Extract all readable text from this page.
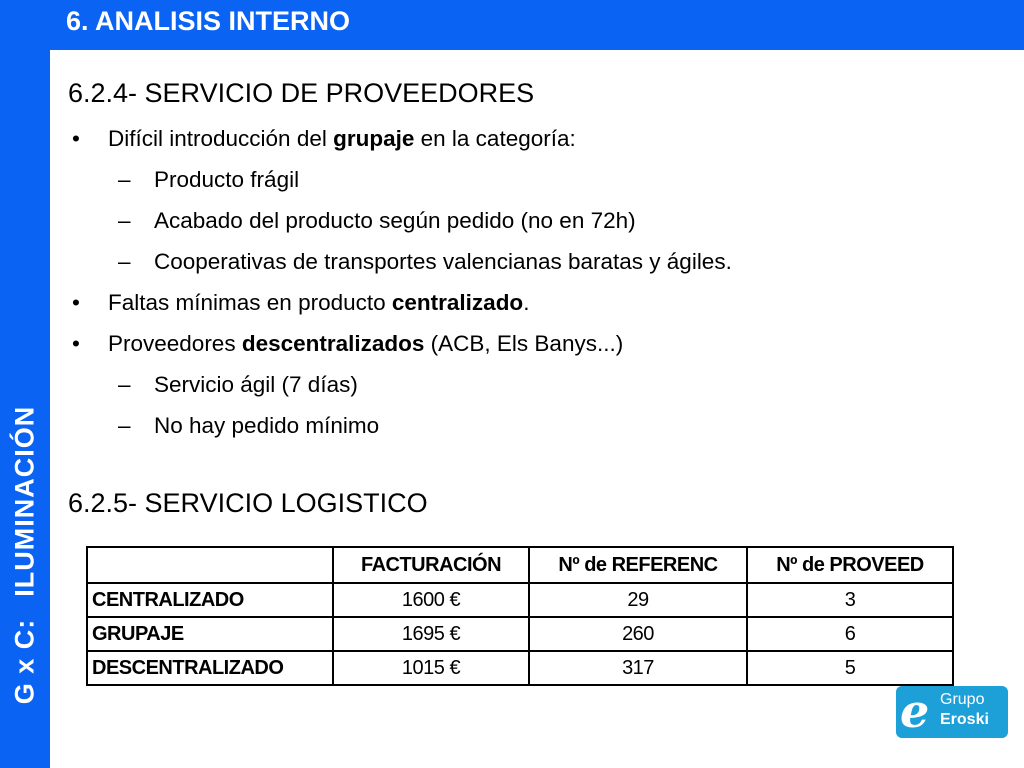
6. ANALISIS INTERNO
G x C:ILUMINACIÓN
6.2.4- SERVICIO DE PROVEEDORES
• Difícil introducción del grupaje en la categoría:
– Producto frágil
– Acabado del producto según pedido (no en 72h)
– Cooperativas de transportes valencianas baratas y ágiles.
• Faltas mínimas en producto centralizado.
• Proveedores descentralizados (ACB, Els Banys...)
– Servicio ágil (7 días)
– No hay pedido mínimo
6.2.5- SERVICIO LOGISTICO
	FACTURACIÓN	Nº de REFERENC	Nº de PROVEED
CENTRALIZADO	1600 €	29	3
GRUPAJE	1695 €	260	6
DESCENTRALIZADO	1015 €	317	5
e Grupo
Eroski
